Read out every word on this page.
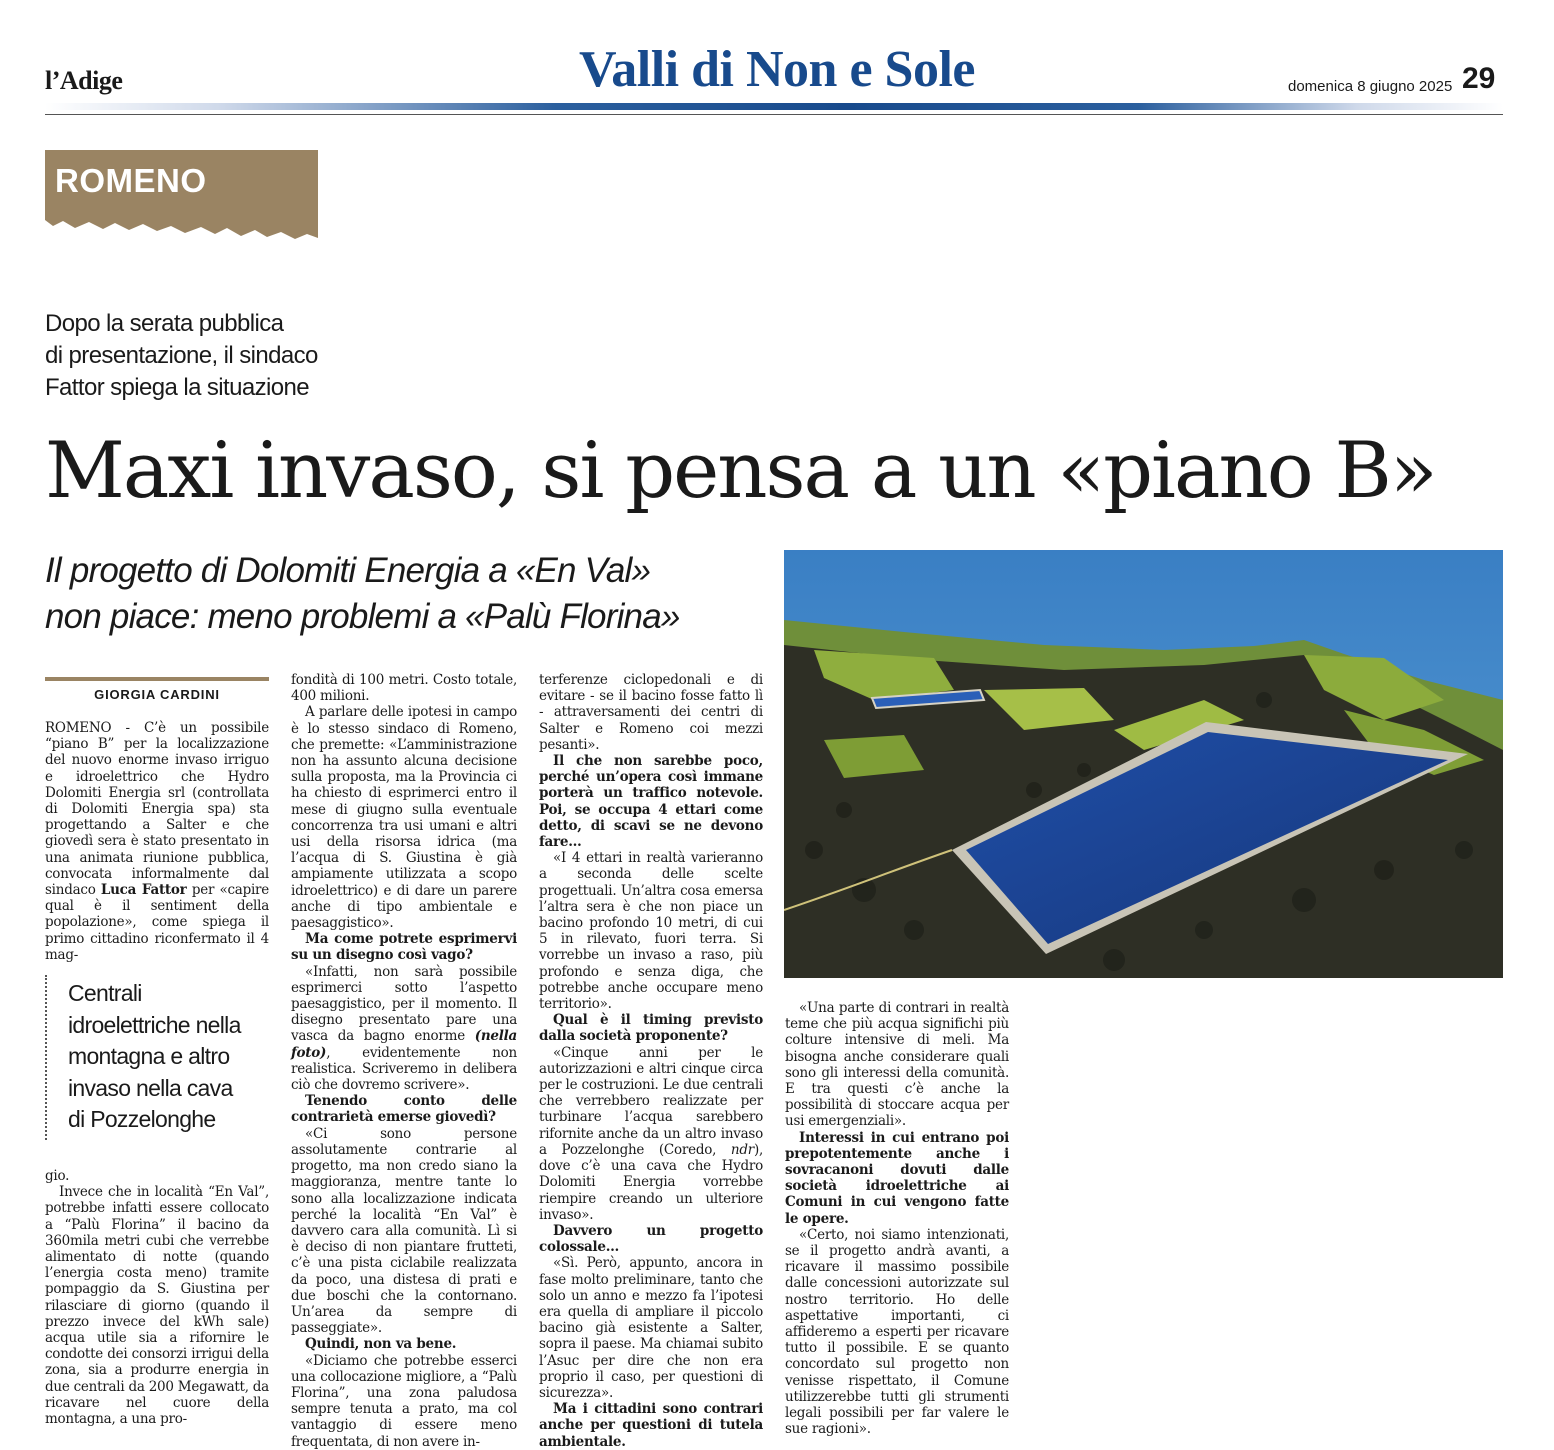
l’Adige	Valli di Non e Sole	domenica 8 giugno 2025 29
ROMENO
Dopo la serata pubblica
di presentazione, il sindaco
Fattor spiega la situazione
Maxi invaso, si pensa a un «piano B»
Il progetto di Dolomiti Energia a «En Val»
non piace: meno problemi a «Palù Florina»
GIORGIA CARDINI

ROMENO - C’è un possibile “piano B” per la localizzazione del nuovo enorme invaso irriguo e idroelettrico che Hydro Dolomiti Energia srl (controllata di Dolomiti Energia spa) sta progettando a Salter e che giovedì sera è stato presentato in una animata riunione pubblica, convocata informalmente dal sindaco Luca Fattor per «capire qual è il sentiment della popolazione», come spiega il primo cittadino riconfermato il 4 mag-

Centrali
idroelettriche nella
montagna e altro
invaso nella cava
di Pozzelonghe

gio.

Invece che in località “En Val”, potrebbe infatti essere collocato a “Palù Florina” il bacino da 360mila metri cubi che verrebbe alimentato di notte (quando l’energia costa meno) tramite pompaggio da S. Giustina per rilasciare di giorno (quando il prezzo invece del kWh sale) acqua utile sia a rifornire le condotte dei consorzi irrigui della zona, sia a produrre energia in due centrali da 200 Megawatt, da ricavare nel cuore della montagna, a una pro-

fondità di 100 metri. Costo totale, 400 milioni.

A parlare delle ipotesi in campo è lo stesso sindaco di Romeno, che premette: «L’amministrazione non ha assunto alcuna decisione sulla proposta, ma la Provincia ci ha chiesto di esprimerci entro il mese di giugno sulla eventuale concorrenza tra usi umani e altri usi della risorsa idrica (ma l’acqua di S. Giustina è già ampiamente utilizzata a scopo idroelettrico) e di dare un parere anche di tipo ambientale e paesaggistico».

Ma come potrete esprimervi su un disegno così vago?

«Infatti, non sarà possibile esprimerci sotto l’aspetto paesaggistico, per il momento. Il disegno presentato pare una vasca da bagno enorme (nella foto), evidentemente non realistica. Scriveremo in delibera ciò che dovremo scrivere».

Tenendo conto delle contrarietà emerse giovedì?

«Ci sono persone assolutamente contrarie al progetto, ma non credo siano la maggioranza, mentre tante lo sono alla localizzazione indicata perché la località “En Val” è davvero cara alla comunità. Lì si è deciso di non piantare frutteti, c’è una pista ciclabile realizzata da poco, una distesa di prati e due boschi che la contornano. Un’area da sempre di passeggiate».

Quindi, non va bene.

«Diciamo che potrebbe esserci una collocazione migliore, a “Palù Florina”, una zona paludosa sempre tenuta a prato, ma col vantaggio di essere meno frequentata, di non avere in-

terferenze ciclopedonali e di evitare - se il bacino fosse fatto lì - attraversamenti dei centri di Salter e Romeno coi mezzi pesanti».

Il che non sarebbe poco, perché un’opera così immane porterà un traffico notevole. Poi, se occupa 4 ettari come detto, di scavi se ne devono fare…

«I 4 ettari in realtà varieranno a seconda delle scelte progettuali. Un’altra cosa emersa l’altra sera è che non piace un bacino profondo 10 metri, di cui 5 in rilevato, fuori terra. Si vorrebbe un invaso a raso, più profondo e senza diga, che potrebbe anche occupare meno territorio».

Qual è il timing previsto dalla società proponente?

«Cinque anni per le autorizzazioni e altri cinque circa per le costruzioni. Le due centrali che verrebbero realizzate per turbinare l’acqua sarebbero rifornite anche da un altro invaso a Pozzelonghe (Coredo, ndr), dove c’è una cava che Hydro Dolomiti Energia vorrebbe riempire creando un ulteriore invaso».

Davvero un progetto colossale…

«Sì. Però, appunto, ancora in fase molto preliminare, tanto che solo un anno e mezzo fa l’ipotesi era quella di ampliare il piccolo bacino già esistente a Salter, sopra il paese. Ma chiamai subito l’Asuc per dire che non era proprio il caso, per questioni di sicurezza».

Ma i cittadini sono contrari anche per questioni di tutela ambientale.

«Una parte di contrari in realtà teme che più acqua significhi più colture intensive di meli. Ma bisogna anche considerare quali sono gli interessi della comunità. E tra questi c’è anche la possibilità di stoccare acqua per usi emergenziali».

Interessi in cui entrano poi prepotentemente anche i sovracanoni dovuti dalle società idroelettriche ai Comuni in cui vengono fatte le opere.

«Certo, noi siamo intenzionati, se il progetto andrà avanti, a ricavare il massimo possibile dalle concessioni autorizzate sul nostro territorio. Ho delle aspettative importanti, ci affideremo a esperti per ricavare tutto il possibile. E se quanto concordato sul progetto non venisse rispettato, il Comune utilizzerebbe tutti gli strumenti legali possibili per far valere le sue ragioni».
